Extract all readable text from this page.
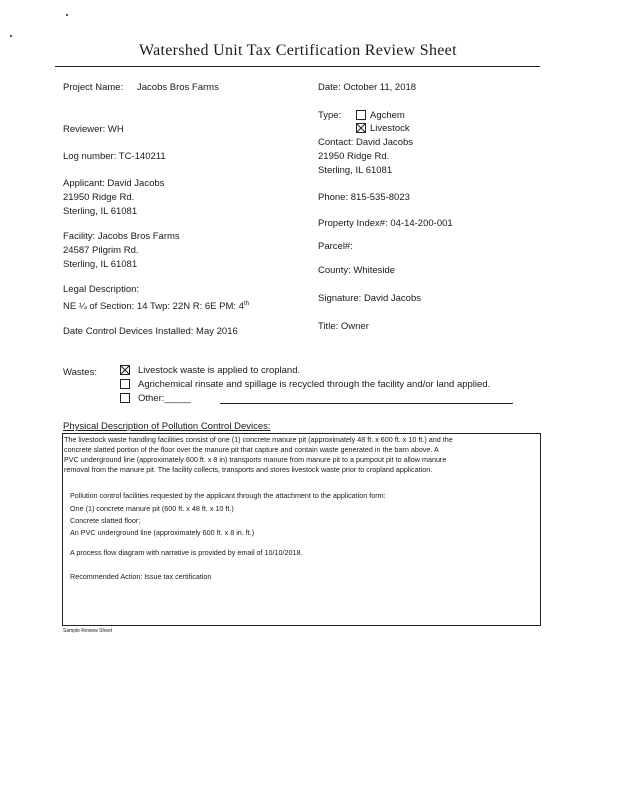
Watershed Unit Tax Certification Review Sheet
Project Name: Jacobs Bros Farms
Reviewer: WH
Log number: TC-140211
Applicant: David Jacobs
21950 Ridge Rd.
Sterling, IL 61081
Facility: Jacobs Bros Farms
24587 Pilgrim Rd.
Sterling, IL 61081
Legal Description:
NE ¼ of Section: 14 Twp: 22N R: 6E PM: 4th
Date Control Devices Installed: May 2016
Date: October 11, 2018
Type:	Agchem
Livestock
Contact: David Jacobs
21950 Ridge Rd.
Sterling, IL 61081
Phone: 815-535-8023
Property Index#: 04-14-200-001
Parcel#:
County: Whiteside
Signature: David Jacobs
Title: Owner
Wastes:	Livestock waste is applied to cropland.
Agrichemical rinsate and spillage is recycled through the facility and/or land applied.
Other:_____
Physical Description of Pollution Control Devices:
The livestock waste handling facilities consist of one (1) concrete manure pit (approximately 48 ft. x 600 ft. x 10 ft.) and the
concrete slatted portion of the floor over the manure pit that capture and contain waste generated in the barn above. A
PVC underground line (approximately 600 ft. x 8 in) transports manure from manure pit to a pumpout pit to allow manure
removal from the manure pit. The facility collects, transports and stores livestock waste prior to cropland application.
Pollution control facilities requested by the applicant through the attachment to the application form:
One (1) concrete manure pit (600 ft. x 48 ft. x 10 ft.)
Concrete slatted floor;
An PVC underground line (approximately 600 ft. x 8 in. ft.)
A process flow diagram with narrative is provided by email of 10/10/2018.
Recommended Action: Issue tax certification
Sample Review Sheet
